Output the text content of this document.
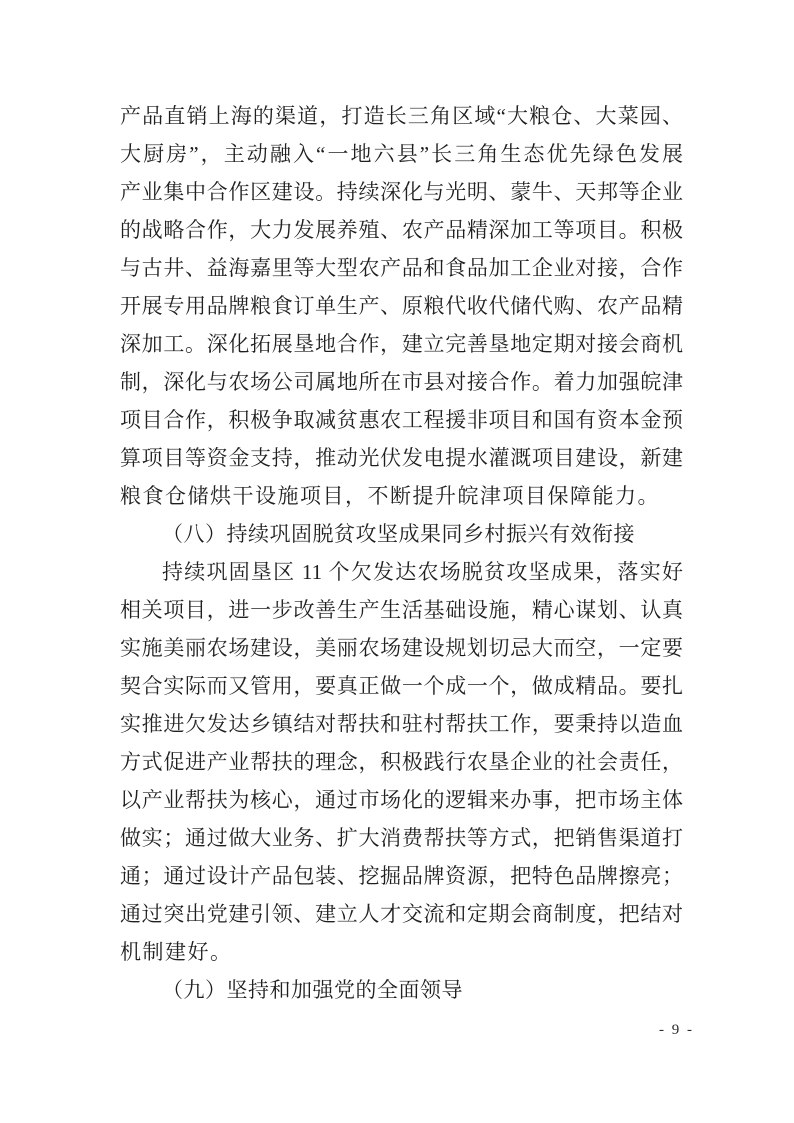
产品直销上海的渠道，打造长三角区域“大粮仓、大菜园、
大厨房”，主动融入“一地六县”长三角生态优先绿色发展
产业集中合作区建设。持续深化与光明、蒙牛、天邦等企业
的战略合作，大力发展养殖、农产品精深加工等项目。积极
与古井、益海嘉里等大型农产品和食品加工企业对接，合作
开展专用品牌粮食订单生产、原粮代收代储代购、农产品精
深加工。深化拓展垦地合作，建立完善垦地定期对接会商机
制，深化与农场公司属地所在市县对接合作。着力加强皖津
项目合作，积极争取减贫惠农工程援非项目和国有资本金预
算项目等资金支持，推动光伏发电提水灌溉项目建设，新建
粮食仓储烘干设施项目，不断提升皖津项目保障能力。
（八）持续巩固脱贫攻坚成果同乡村振兴有效衔接
持续巩固垦区 11 个欠发达农场脱贫攻坚成果，落实好
相关项目，进一步改善生产生活基础设施，精心谋划、认真
实施美丽农场建设，美丽农场建设规划切忌大而空，一定要
契合实际而又管用，要真正做一个成一个，做成精品。要扎
实推进欠发达乡镇结对帮扶和驻村帮扶工作，要秉持以造血
方式促进产业帮扶的理念，积极践行农垦企业的社会责任，
以产业帮扶为核心，通过市场化的逻辑来办事，把市场主体
做实；通过做大业务、扩大消费帮扶等方式，把销售渠道打
通；通过设计产品包装、挖掘品牌资源，把特色品牌擦亮；
通过突出党建引领、建立人才交流和定期会商制度，把结对
机制建好。
（九）坚持和加强党的全面领导
- 9 -
